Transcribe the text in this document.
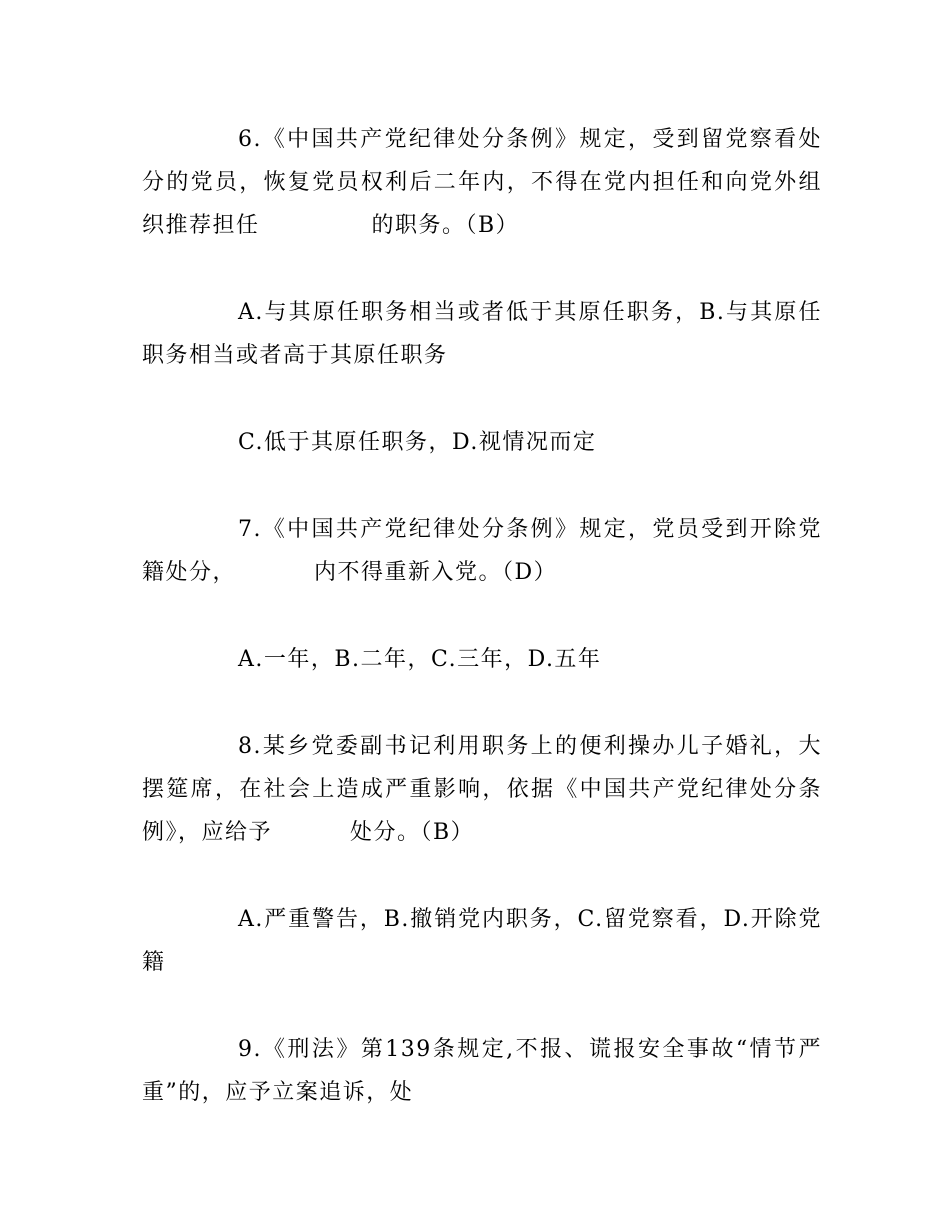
6.《中国共产党纪律处分条例》规定，受到留党察看处分的党员，恢复党员权利后二年内，不得在党内担任和向党外组织推荐担任	的职务。（B）

A.与其原任职务相当或者低于其原任职务，B.与其原任职务相当或者高于其原任职务

C.低于其原任职务，D.视情况而定

7.《中国共产党纪律处分条例》规定，党员受到开除党籍处分，	内不得重新入党。（D）

A.一年，B.二年，C.三年，D.五年

8.某乡党委副书记利用职务上的便利操办儿子婚礼，大摆筵席，在社会上造成严重影响，依据《中国共产党纪律处分条例》，应给予	处分。（B）

A.严重警告，B.撤销党内职务，C.留党察看，D.开除党籍

9.《刑法》第139条规定,不报、谎报安全事故“情节严重”的，应予立案追诉，处
